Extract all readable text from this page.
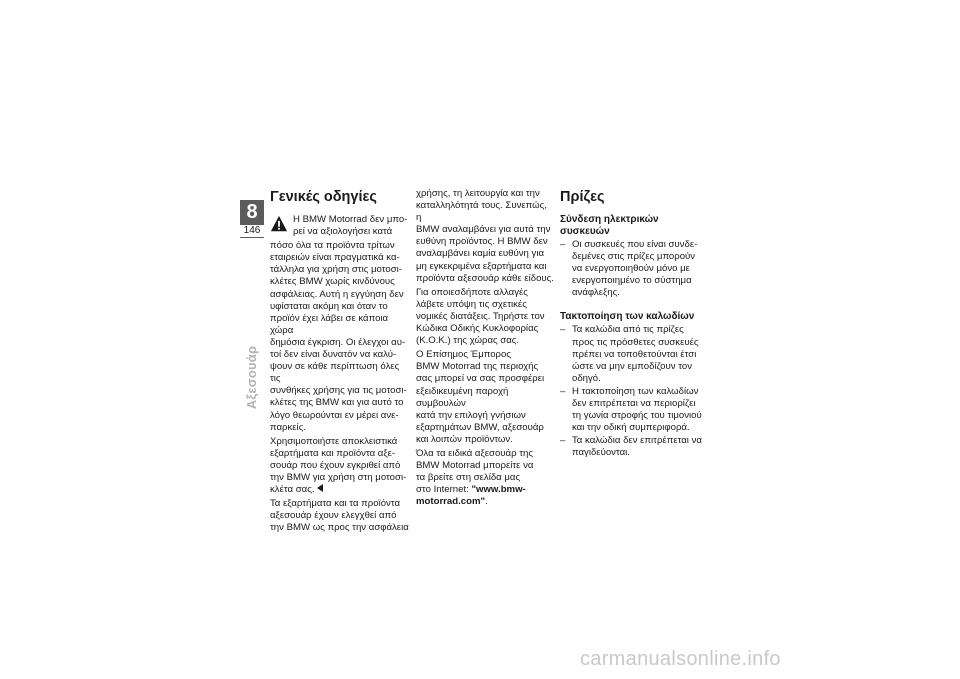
8
146
Αξεσουάρ
Γενικές οδηγίες

Η BMW Motorrad δεν μπο-
ρεί να αξιολογήσει κατά

πόσο όλα τα προϊόντα τρίτων
εταιρειών είναι πραγματικά κα-
τάλληλα για χρήση στις μοτοσι-
κλέτες BMW χωρίς κινδύνους
ασφάλειας. Αυτή η εγγύηση δεν
υφίσταται ακόμη και όταν το
προϊόν έχει λάβει σε κάποια χώρα
δημόσια έγκριση. Οι έλεγχοι αυ-
τοί δεν είναι δυνατόν να καλύ-
ψουν σε κάθε περίπτωση όλες τις
συνθήκες χρήσης για τις μοτοσι-
κλέτες της BMW και για αυτό το
λόγο θεωρούνται εν μέρει ανε-
παρκείς.

Χρησιμοποιήστε αποκλειστικά
εξαρτήματα και προϊόντα αξε-
σουάρ που έχουν εγκριθεί από
την BMW για χρήση στη μοτοσι-
κλέτα σας.

Τα εξαρτήματα και τα προϊόντα
αξεσουάρ έχουν ελεγχθεί από
την BMW ως προς την ασφάλεια

χρήσης, τη λειτουργία και την
καταλληλότητά τους. Συνεπώς, η
BMW αναλαμβάνει για αυτά την
ευθύνη προϊόντος. Η BMW δεν
αναλαμβάνει καμία ευθύνη για
μη εγκεκριμένα εξαρτήματα και
προϊόντα αξεσουάρ κάθε είδους.

Για οποιεσδήποτε αλλαγές
λάβετε υπόψη τις σχετικές
νομικές διατάξεις. Τηρήστε τον
Κώδικα Οδικής Κυκλοφορίας
(Κ.Ο.Κ.) της χώρας σας.

Ο Επίσημος Έμπορος
BMW Motorrad της περιοχής
σας μπορεί να σας προσφέρει
εξειδικευμένη παροχή συμβουλών
κατά την επιλογή γνήσιων
εξαρτημάτων BMW, αξεσουάρ
και λοιπών προϊόντων.

Όλα τα ειδικά αξεσουάρ της
BMW Motorrad μπορείτε να
τα βρείτε στη σελίδα μας
στο Internet: "www.bmw-
motorrad.com".

Πρίζες
Σύνδεση ηλεκτρικών
συσκευών
– Οι συσκευές που είναι συνδε-
δεμένες στις πρίζες μπορούν
να ενεργοποιηθούν μόνο με
ενεργοποιημένο το σύστημα
ανάφλεξης.
Τακτοποίηση των καλωδίων
– Τα καλώδια από τις πρίζες
προς τις πρόσθετες συσκευές
πρέπει να τοποθετούνται έτσι
ώστε να μην εμποδίζουν τον
οδηγό.
– Η τακτοποίηση των καλωδίων
δεν επιτρέπεται να περιορίζει
τη γωνία στροφής του τιμονιού
και την οδική συμπεριφορά.
– Τα καλώδια δεν επιτρέπεται να
παγιδεύονται.
carmanualsonline.info
